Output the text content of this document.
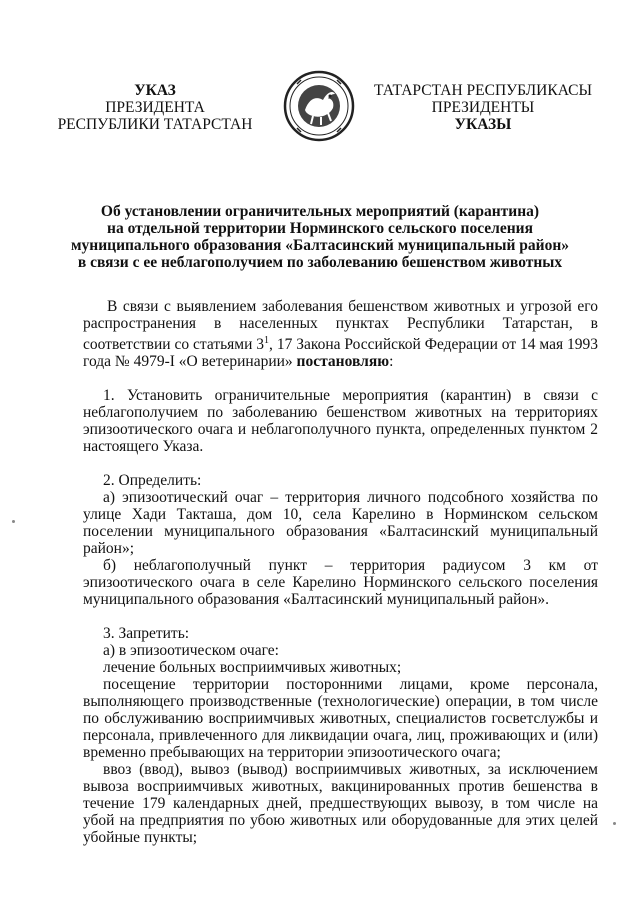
УКАЗ
ПРЕЗИДЕНТА
РЕСПУБЛИКИ ТАТАРСТАН
ТАТАРСТАН РЕСПУБЛИКАСЫ
ПРЕЗИДЕНТЫ
УКАЗЫ
Об установлении ограничительных мероприятий (карантина)
на отдельной территории Норминского сельского поселения
муниципального образования «Балтасинский муниципальный район»
в связи с ее неблагополучием по заболеванию бешенством животных

В связи с выявлением заболевания бешенством животных и угрозой его распространения в населенных пунктах Республики Татарстан, в соответствии со статьями $3^1$, 17 Закона Российской Федерации от 14 мая 1993 года № 4979-I «О ветеринарии» постановляю:

1. Установить ограничительные мероприятия (карантин) в связи с неблагополучием по заболеванию бешенством животных на территориях эпизоотического очага и неблагополучного пункта, определенных пунктом 2 настоящего Указа.

2. Определить:

а) эпизоотический очаг – территория личного подсобного хозяйства по улице Хади Такташа, дом 10, села Карелино в Норминском сельском поселении муниципального образования «Балтасинский муниципальный район»;

б) неблагополучный пункт – территория радиусом 3 км от эпизоотического очага в селе Карелино Норминского сельского поселения муниципального образования «Балтасинский муниципальный район».

3. Запретить:

а) в эпизоотическом очаге:

лечение больных восприимчивых животных;

посещение территории посторонними лицами, кроме персонала, выполняющего производственные (технологические) операции, в том числе по обслуживанию восприимчивых животных, специалистов госветслужбы и персонала, привлеченного для ликвидации очага, лиц, проживающих и (или) временно пребывающих на территории эпизоотического очага;

ввоз (ввод), вывоз (вывод) восприимчивых животных, за исключением вывоза восприимчивых животных, вакцинированных против бешенства в течение 179 календарных дней, предшествующих вывозу, в том числе на убой на предприятия по убою животных или оборудованные для этих целей убойные пункты;
